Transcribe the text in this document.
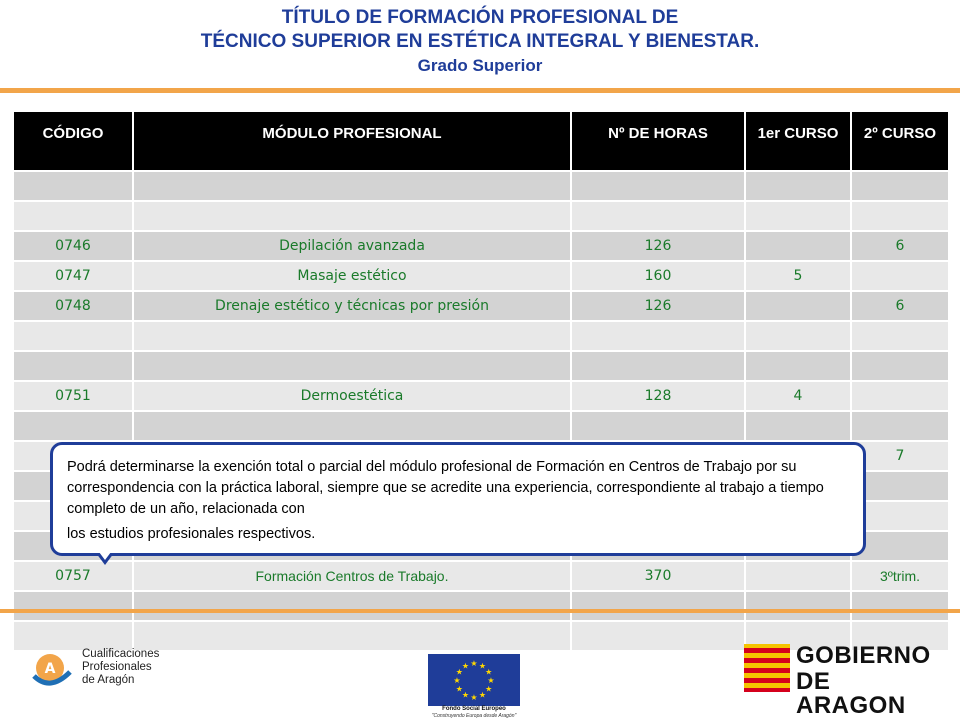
TÍTULO DE FORMACIÓN PROFESIONAL DE
TÉCNICO SUPERIOR EN ESTÉTICA INTEGRAL Y BIENESTAR.
Grado Superior
CÓDIGO	MÓDULO PROFESIONAL	Nº DE HORAS	1er CURSO	2º CURSO

0746	Depilación avanzada	126		6
0747	Masaje estético	160	5	
0748	Drenaje estético y técnicas por presión	126		6

0751	Dermoestética	128	4	

				7

0757	Formación Centros de Trabajo.	370		3ºtrim.

Podrá determinarse la exención total o parcial del módulo profesional de Formación en Centros de Trabajo por su correspondencia con la práctica laboral, siempre que se acredite una experiencia, correspondiente al trabajo a tiempo completo de un año, relacionada con
los estudios profesionales respectivos.
A
Cualificaciones
Profesionales
de Aragón	★
★
★
★
★
★
★
★
★ ★ ★
★
Fondo Social Europeo
"Construyendo Europa desde Aragón"
GOBIERNO
DE ARAGON
